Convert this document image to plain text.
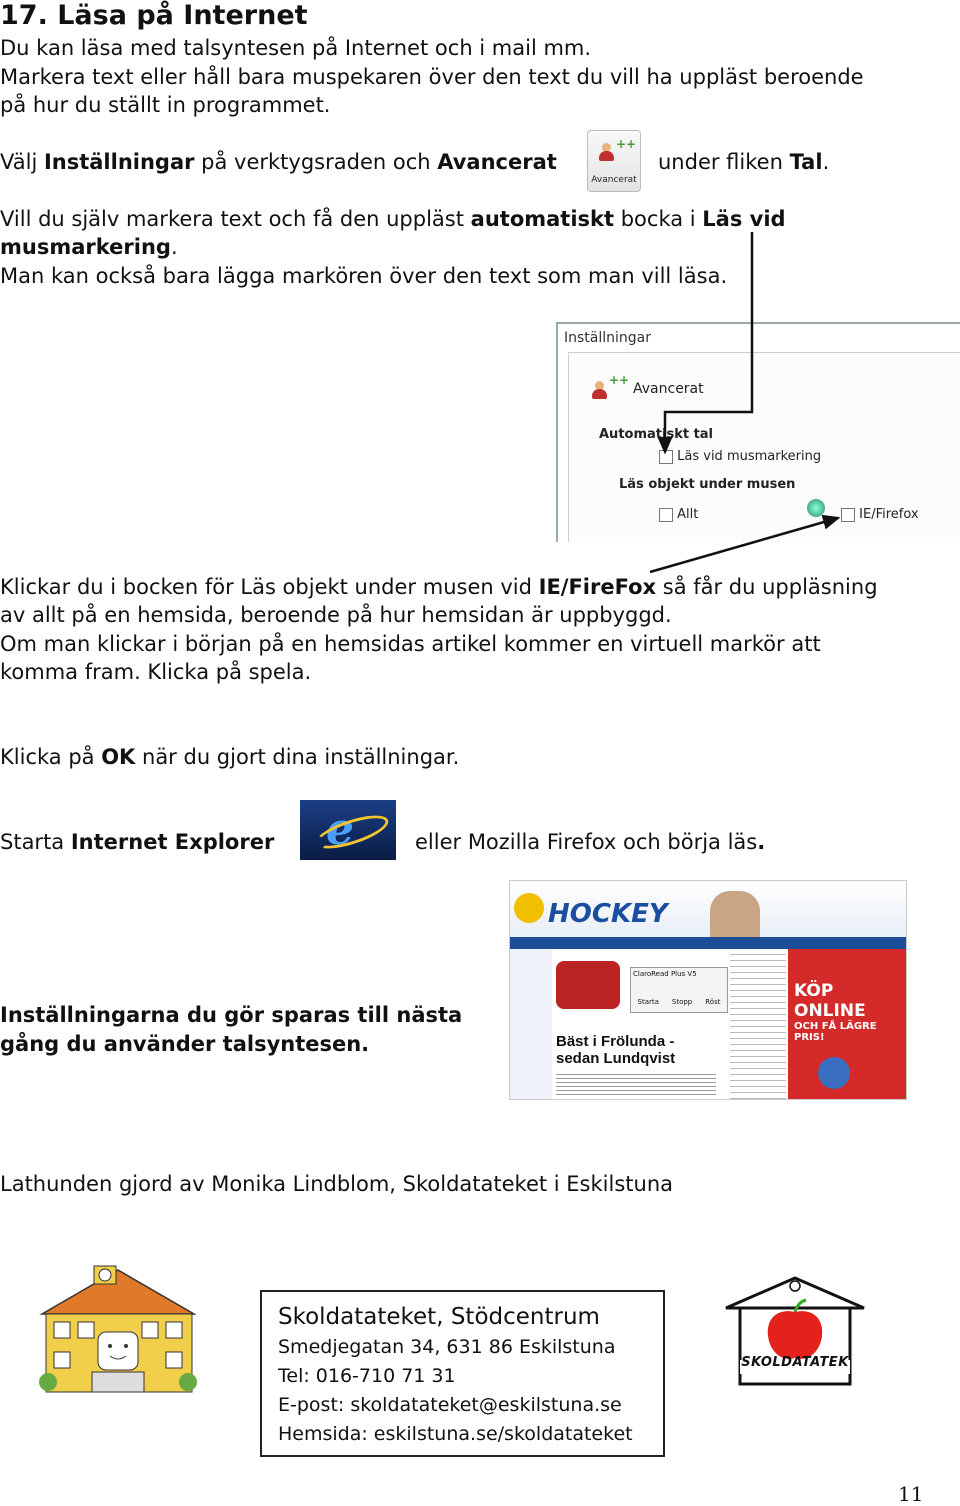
17. Läsa på Internet
Du kan läsa med talsyntesen på Internet och i mail mm.
Markera text eller håll bara muspekaren över den text du vill ha uppläst beroende
på hur du ställt in programmet.
Välj Inställningar på verktygsraden och Avancerat
++
Avancerat
under fliken Tal.
Vill du själv markera text och få den uppläst automatiskt bocka i Läs vid
musmarkering.
Man kan också bara lägga markören över den text som man vill läsa.
Inställningar
++
Avancerat
Automatiskt tal
Läs vid musmarkering
Läs objekt under musen
Allt	IE/Firefox
Klickar du i bocken för Läs objekt under musen vid IE/FireFox så får du uppläsning
av allt på en hemsida, beroende på hur hemsidan är uppbyggd.
Om man klickar i början på en hemsidas artikel kommer en virtuell markör att
komma fram. Klicka på spela.
Klicka på OK när du gjort dina inställningar.
Starta Internet Explorer e	eller Mozilla Firefox och börja läs.
HOCKEY
ClaroRead Plus V5
Starta Stopp Röst
Bäst i Frölunda -
sedan Lundqvist
KÖP ONLINE
OCH FÅ LÄGRE PRIS!
Inställningarna du gör sparas till nästa
gång du använder talsyntesen.
Lathunden gjord av Monika Lindblom, Skoldatateket i Eskilstuna
Skoldatateket, Stödcentrum
Smedjegatan 34, 631 86 Eskilstuna
Tel: 016-710 71 31
E-post: skoldatateket@eskilstuna.se
Hemsida: eskilstuna.se/skoldatateket
SKOLDATATEK
11
